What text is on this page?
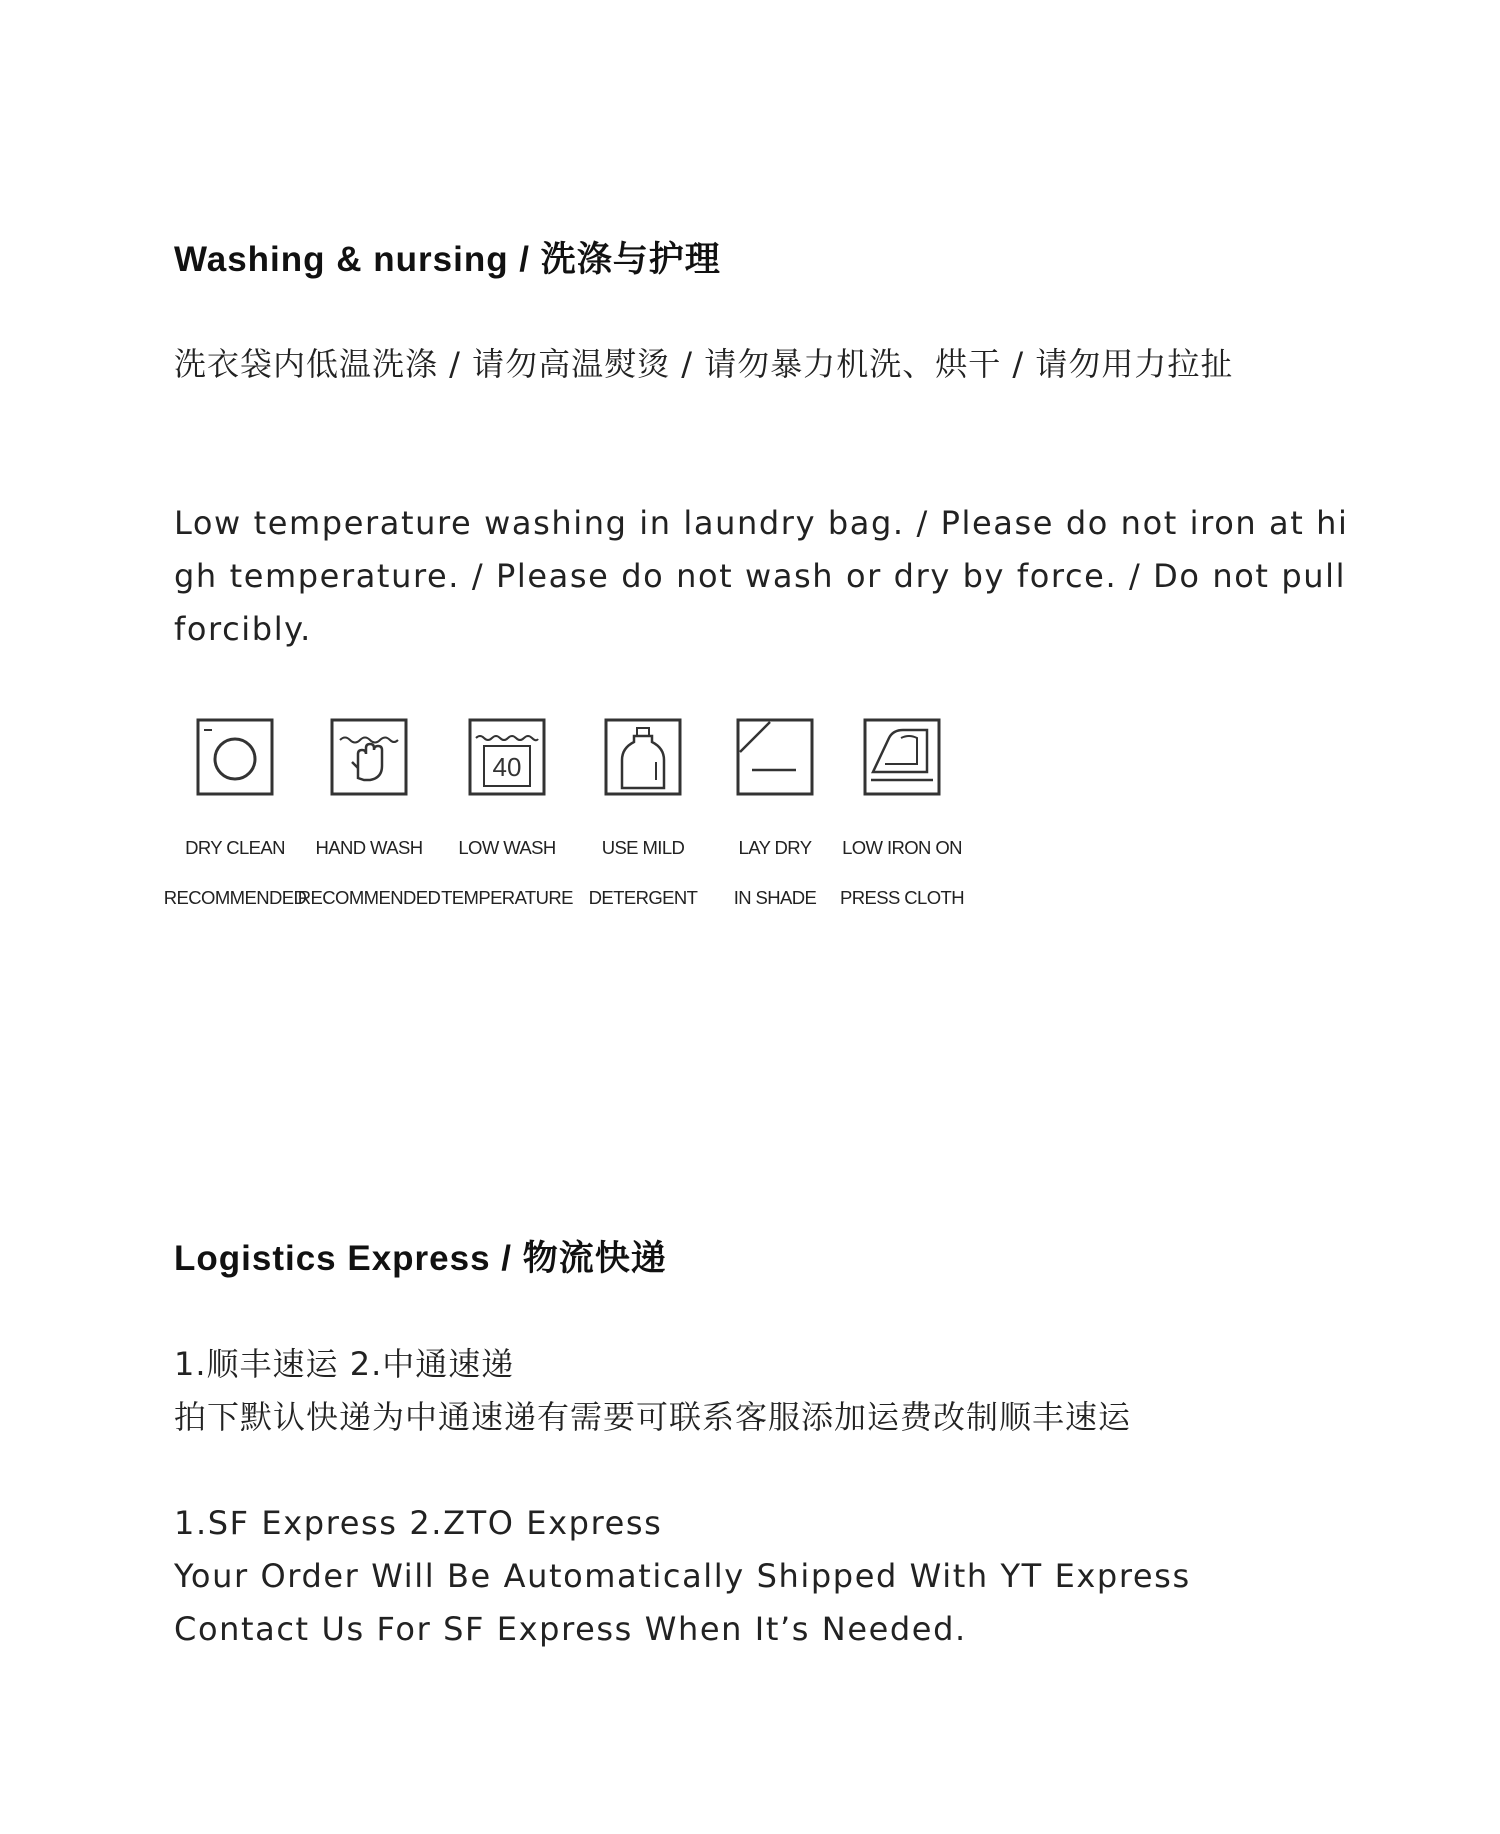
Washing & nursing / 洗涤与护理

洗衣袋内低温洗涤 / 请勿高温熨烫 / 请勿暴力机洗、烘干 / 请勿用力拉扯

Low temperature washing in laundry bag. / Please do not iron at high temperature. / Please do not wash or dry by force. / Do not pull forcibly.

DRY CLEAN

RECOMMENDED

HAND WASH

RECOMMENDED

40

LOW WASH

TEMPERATURE

USE MILD

DETERGENT

LAY DRY

IN SHADE

LOW IRON ON

PRESS CLOTH

Logistics Express / 物流快递

1.顺丰速运 2.中通速递

拍下默认快递为中通速递有需要可联系客服添加运费改制顺丰速运

1.SF Express 2.ZTO Express

Your Order Will Be Automatically Shipped With YT Express

Contact Us For SF Express When It’s Needed.
